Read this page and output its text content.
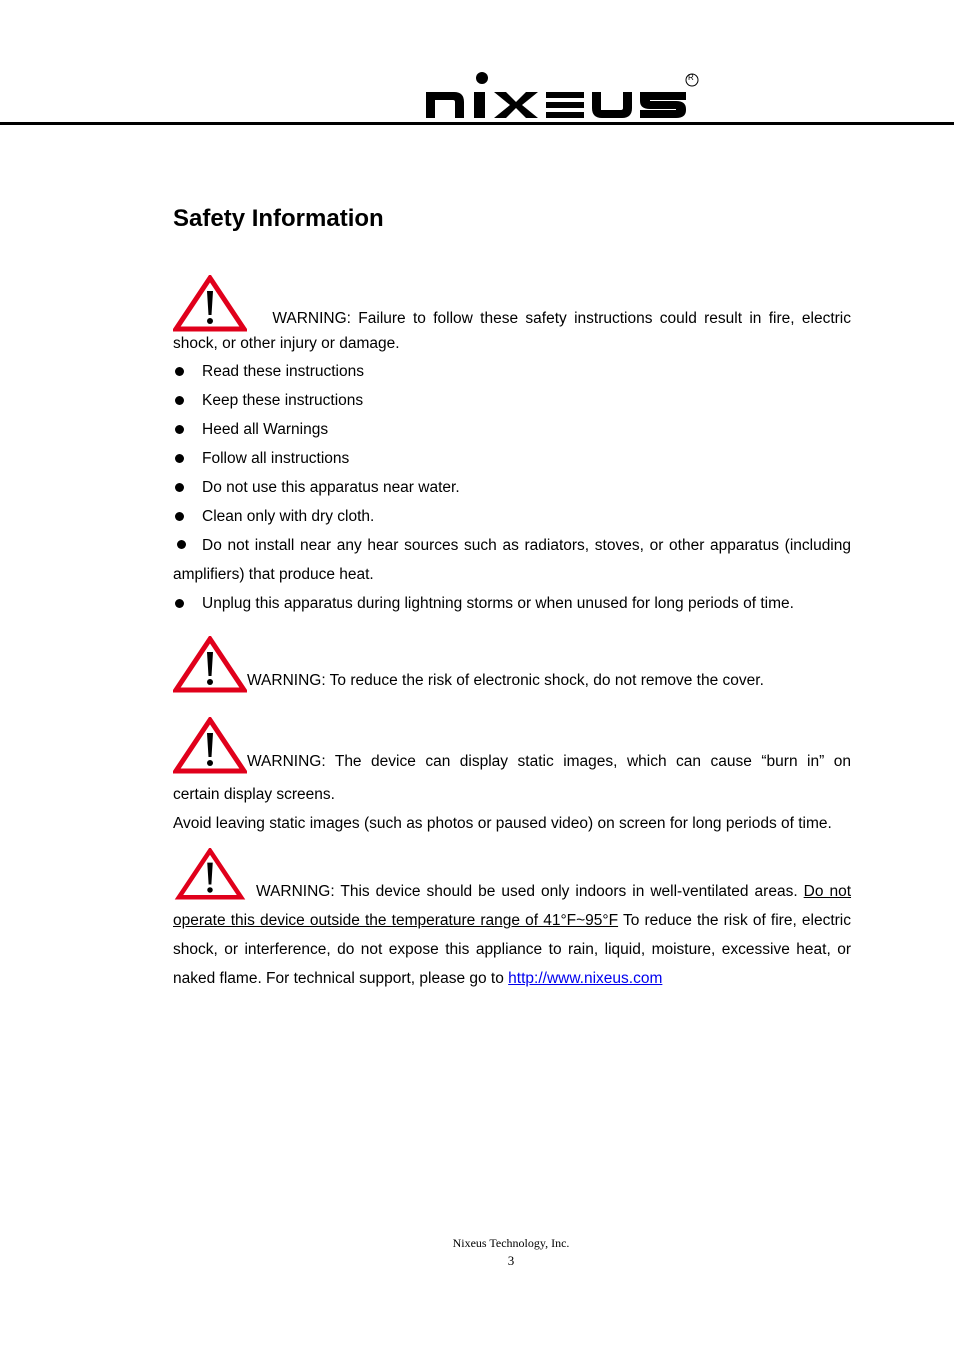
R
Safety Information

WARNING: Failure to follow these safety instructions could result in fire, electric

shock, or other injury or damage.

Read these instructions
Keep these instructions
Heed all Warnings
Follow all instructions
Do not use this apparatus near water.
Clean only with dry cloth.
Do not install near any hear sources such as radiators, stoves, or other apparatus (including amplifiers) that produce heat.
Unplug this apparatus during lightning storms or when unused for long periods of time.

WARNING: To reduce the risk of electronic shock, do not remove the cover.

WARNING: The device can display static images, which can cause “burn in” on

certain display screens.

Avoid leaving static images (such as photos or paused video) on screen for long periods of time.

WARNING: This device should be used only indoors in well-ventilated areas. Do not operate this device outside the temperature range of 41°F~95°F To reduce the risk of fire, electric shock, or interference, do not expose this appliance to rain, liquid, moisture, excessive heat, or naked flame. For technical support, please go to http://www.nixeus.com

Nixeus Technology, Inc.
3
